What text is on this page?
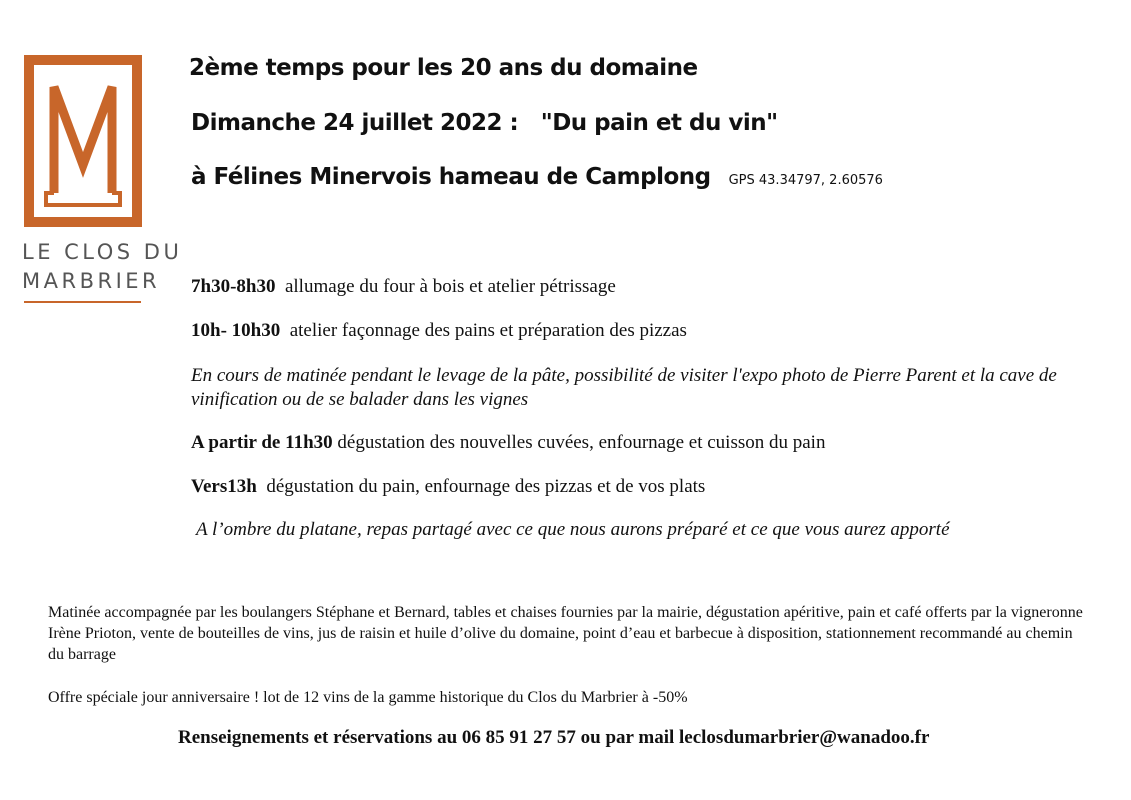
LE CLOS DU
MARBRIER
2ème temps pour les 20 ans du domaine
Dimanche 24 juillet 2022 :   "Du pain et du vin"
à Félines Minervois hameau de Camplong GPS 43.34797, 2.60576
7h30-8h30 allumage du four à bois et atelier pétrissage
10h- 10h30 atelier façonnage des pains et préparation des pizzas
En cours de matinée pendant le levage de la pâte, possibilité de visiter l'expo photo de Pierre Parent et la cave de vinification ou de se balader dans les vignes
A partir de 11h30 dégustation des nouvelles cuvées, enfournage et cuisson du pain
Vers13h dégustation du pain, enfournage des pizzas et de vos plats
A l’ombre du platane, repas partagé avec ce que nous aurons préparé et ce que vous aurez apporté
Matinée accompagnée par les boulangers Stéphane et Bernard, tables et chaises fournies par la mairie, dégustation apéritive, pain et café offerts par la vigneronne Irène Prioton, vente de bouteilles de vins, jus de raisin et huile d’olive du domaine, point d’eau et barbecue à disposition, stationnement recommandé au chemin du barrage
Offre spéciale jour anniversaire ! lot de 12 vins de la gamme historique du Clos du Marbrier à -50%
Renseignements et réservations au 06 85 91 27 57 ou par mail leclosdumarbrier@wanadoo.fr
